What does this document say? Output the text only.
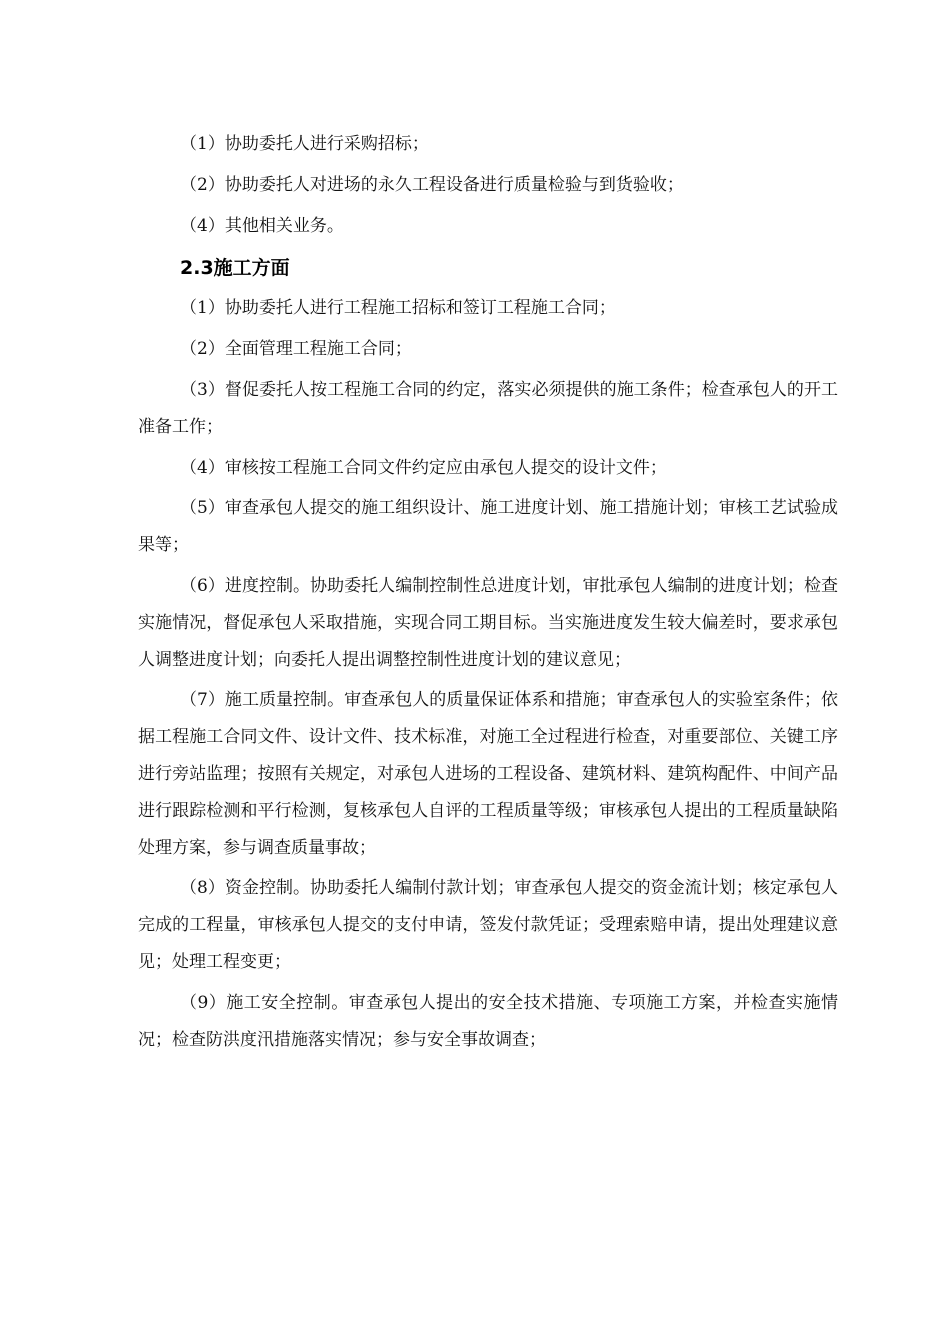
（1）协助委托人进行采购招标；

（2）协助委托人对进场的永久工程设备进行质量检验与到货验收；

（4）其他相关业务。

2.3施工方面

（1）协助委托人进行工程施工招标和签订工程施工合同；

（2）全面管理工程施工合同；

（3）督促委托人按工程施工合同的约定，落实必须提供的施工条件；检查承包人的开工准备工作；

（4）审核按工程施工合同文件约定应由承包人提交的设计文件；

（5）审查承包人提交的施工组织设计、施工进度计划、施工措施计划；审核工艺试验成果等；

（6）进度控制。协助委托人编制控制性总进度计划，审批承包人编制的进度计划；检查实施情况，督促承包人采取措施，实现合同工期目标。当实施进度发生较大偏差时，要求承包人调整进度计划；向委托人提出调整控制性进度计划的建议意见；

（7）施工质量控制。审查承包人的质量保证体系和措施；审查承包人的实验室条件；依据工程施工合同文件、设计文件、技术标准，对施工全过程进行检查，对重要部位、关键工序进行旁站监理；按照有关规定，对承包人进场的工程设备、建筑材料、建筑构配件、中间产品进行跟踪检测和平行检测，复核承包人自评的工程质量等级；审核承包人提出的工程质量缺陷处理方案，参与调查质量事故；

（8）资金控制。协助委托人编制付款计划；审查承包人提交的资金流计划；核定承包人完成的工程量，审核承包人提交的支付申请，签发付款凭证；受理索赔申请，提出处理建议意见；处理工程变更；

（9）施工安全控制。审查承包人提出的安全技术措施、专项施工方案，并检查实施情况；检查防洪度汛措施落实情况；参与安全事故调查；
